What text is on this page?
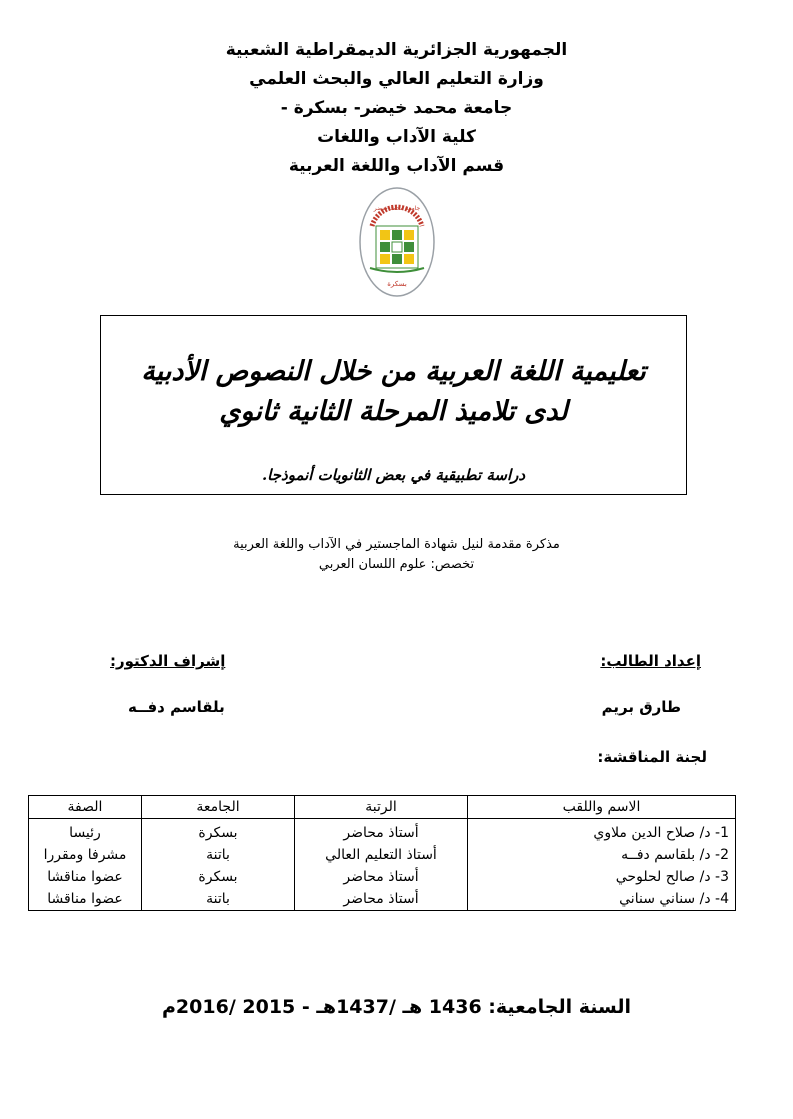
الجمهورية الجزائرية الديمقراطية الشعبية
وزارة التعليم العالي والبحث العلمي
جامعة محمد خيضر- بسكرة -
كلية الآداب واللغات
قسم الآداب واللغة العربية
جامعة محمد خيضر
بسكرة
تعليمية اللغة العربية من خلال النصوص الأدبية
لدى تلاميذ المرحلة الثانية ثانوي
دراسة تطبيقية في بعض الثانويات أنموذجا.
مذكرة مقدمة لنيل شهادة الماجستير في الآداب واللغة العربية
تخصص: علوم اللسان العربي
إعداد الطالب:
طارق بريم
إشراف الدكتور:
بلقاسم دفــه
لجنة المناقشة:
الاسم واللقب	الرتبة	الجامعة	الصفة
1- د/ صلاح الدين ملاوي	أستاذ محاضر	بسكرة	رئيسا
2- د/ بلقاسم دفــه	أستاذ التعليم العالي	باتنة	مشرفا ومقررا
3- د/ صالح لحلوحي	أستاذ محاضر	بسكرة	عضوا مناقشا
4- د/ سناني سناني	أستاذ محاضر	باتنة	عضوا مناقشا
السنة الجامعية: 1436 هـ /1437هـ - 2015 /2016م
